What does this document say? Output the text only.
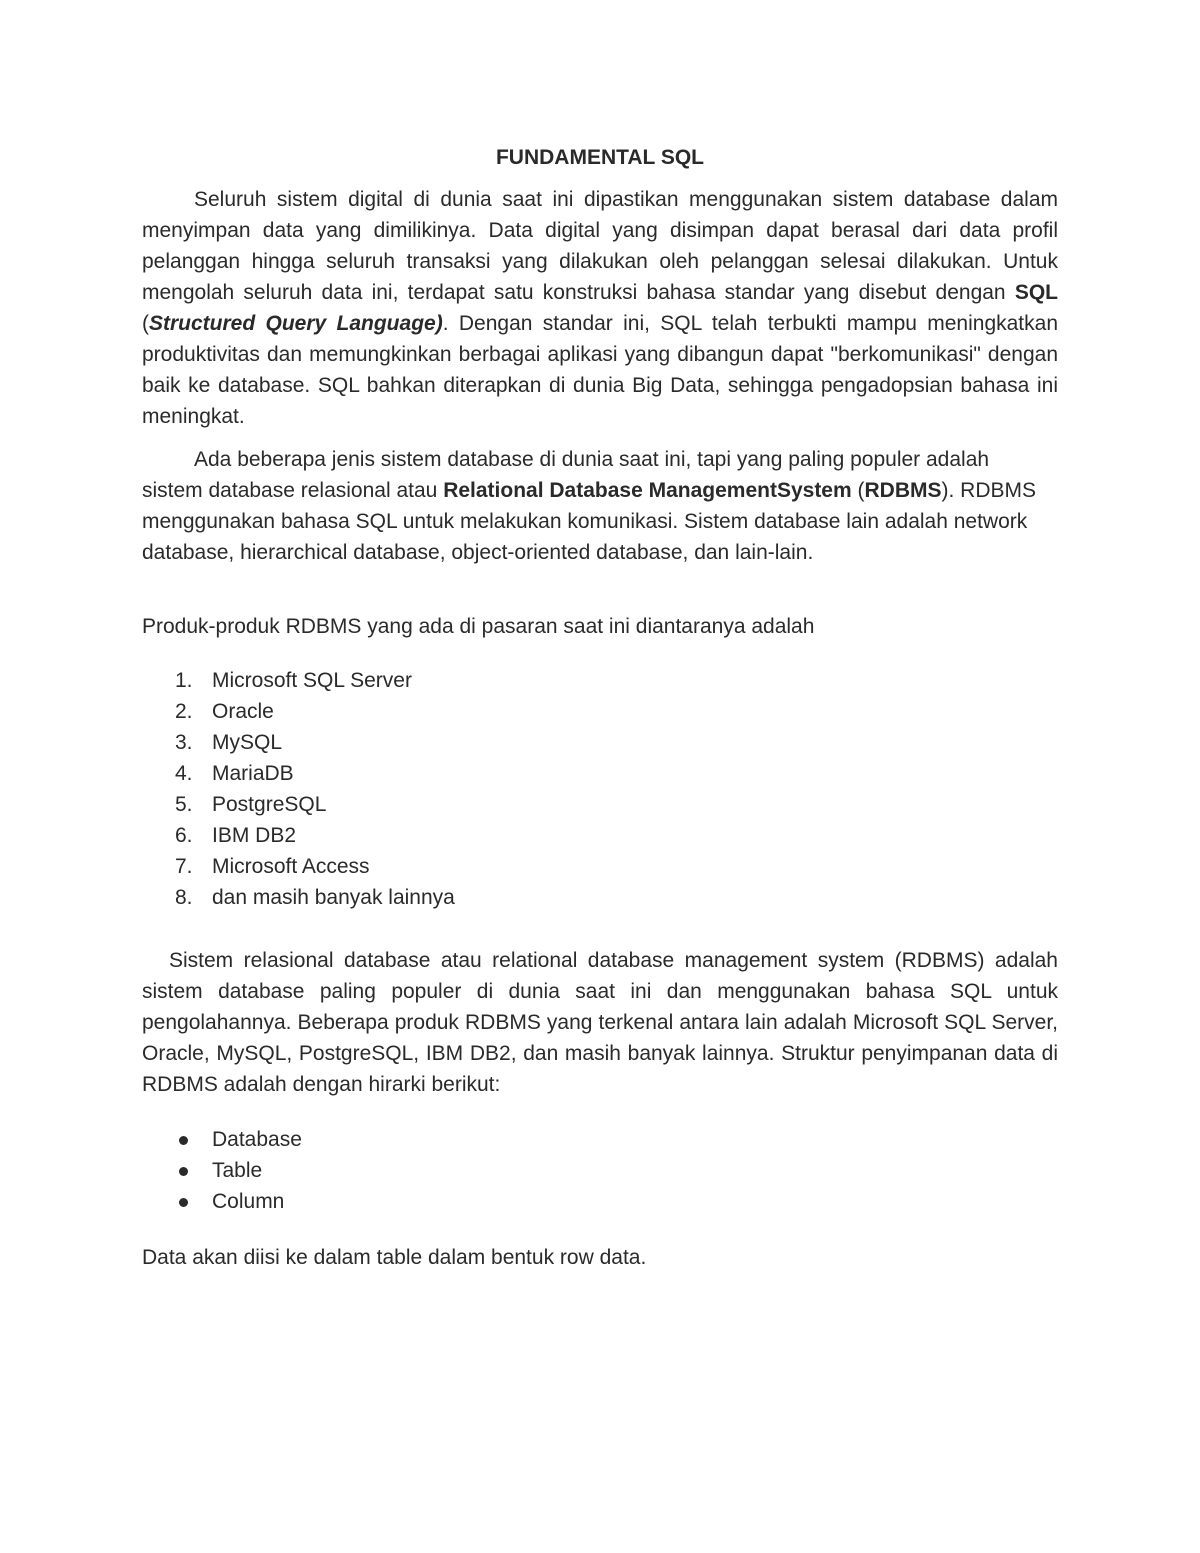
FUNDAMENTAL SQL

Seluruh sistem digital di dunia saat ini dipastikan menggunakan sistem database dalam menyimpan data yang dimilikinya. Data digital yang disimpan dapat berasal dari data profil pelanggan hingga seluruh transaksi yang dilakukan oleh pelanggan selesai dilakukan. Untuk mengolah seluruh data ini, terdapat satu konstruksi bahasa standar yang disebut dengan SQL (Structured Query Language). Dengan standar ini, SQL telah terbukti mampu meningkatkan produktivitas dan memungkinkan berbagai aplikasi yang dibangun dapat "berkomunikasi" dengan baik ke database. SQL bahkan diterapkan di dunia Big Data, sehingga pengadopsian bahasa ini meningkat.

Ada beberapa jenis sistem database di dunia saat ini, tapi yang paling populer adalah sistem database relasional atau Relational Database ManagementSystem (RDBMS). RDBMS menggunakan bahasa SQL untuk melakukan komunikasi. Sistem database lain adalah network database, hierarchical database, object-oriented database, dan lain-lain.

Produk-produk RDBMS yang ada di pasaran saat ini diantaranya adalah

1. Microsoft SQL Server
2. Oracle
3. MySQL
4. MariaDB
5. PostgreSQL
6. IBM DB2
7. Microsoft Access
8. dan masih banyak lainnya

Sistem relasional database atau relational database management system (RDBMS) adalah sistem database paling populer di dunia saat ini dan menggunakan bahasa SQL untuk pengolahannya. Beberapa produk RDBMS yang terkenal antara lain adalah Microsoft SQL Server, Oracle, MySQL, PostgreSQL, IBM DB2, dan masih banyak lainnya. Struktur penyimpanan data di RDBMS adalah dengan hirarki berikut:

Database
Table
Column

Data akan diisi ke dalam table dalam bentuk row data.
